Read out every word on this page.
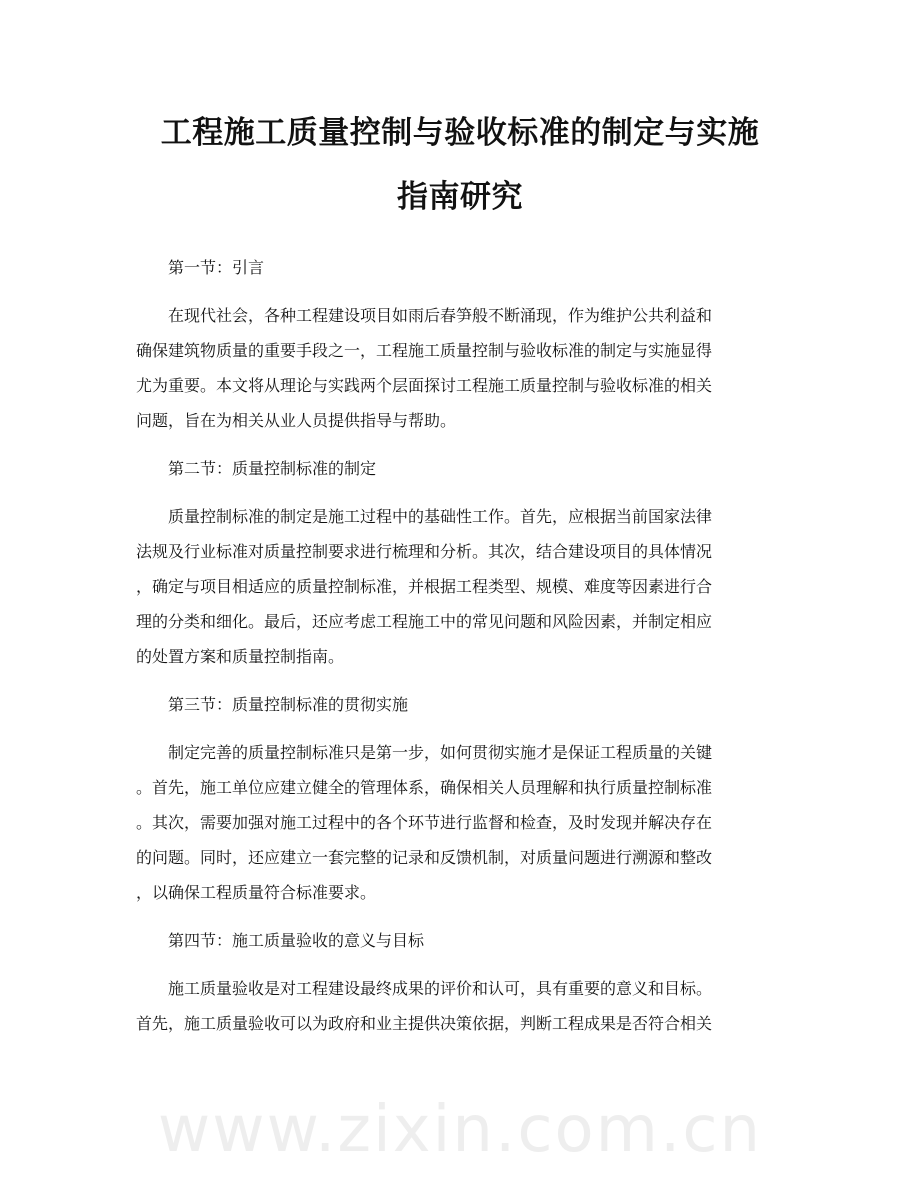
工程施工质量控制与验收标准的制定与实施
指南研究
第一节：引言
在现代社会，各种工程建设项目如雨后春笋般不断涌现，作为维护公共利益和
确保建筑物质量的重要手段之一，工程施工质量控制与验收标准的制定与实施显得
尤为重要。本文将从理论与实践两个层面探讨工程施工质量控制与验收标准的相关
问题，旨在为相关从业人员提供指导与帮助。
第二节：质量控制标准的制定
质量控制标准的制定是施工过程中的基础性工作。首先，应根据当前国家法律
法规及行业标准对质量控制要求进行梳理和分析。其次，结合建设项目的具体情况
，确定与项目相适应的质量控制标准，并根据工程类型、规模、难度等因素进行合
理的分类和细化。最后，还应考虑工程施工中的常见问题和风险因素，并制定相应
的处置方案和质量控制指南。
第三节：质量控制标准的贯彻实施
制定完善的质量控制标准只是第一步，如何贯彻实施才是保证工程质量的关键
。首先，施工单位应建立健全的管理体系，确保相关人员理解和执行质量控制标准
。其次，需要加强对施工过程中的各个环节进行监督和检查，及时发现并解决存在
的问题。同时，还应建立一套完整的记录和反馈机制，对质量问题进行溯源和整改
，以确保工程质量符合标准要求。
第四节：施工质量验收的意义与目标
施工质量验收是对工程建设最终成果的评价和认可，具有重要的意义和目标。
首先，施工质量验收可以为政府和业主提供决策依据，判断工程成果是否符合相关
www.zixin.com.cn
